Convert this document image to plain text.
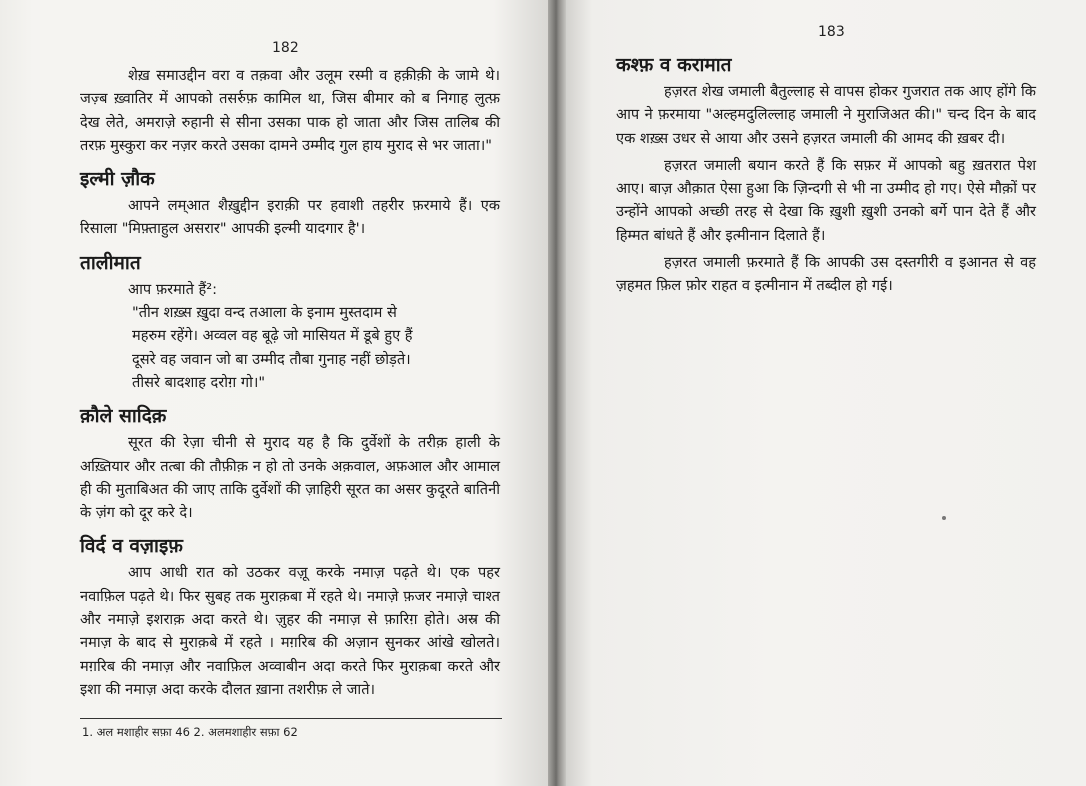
182

शेख़ समाउद्दीन वरा व तक़वा और उलूम रस्मी व हक़ीक़ी के जामे थे। जज़्ब ख़्वातिर में आपको तसर्रुफ़ कामिल था, जिस बीमार को ब निगाह लुत्फ़ देख लेते, अमराज़े रुहानी से सीना उसका पाक हो जाता और जिस तालिब की तरफ़ मुस्कुरा कर नज़र करते उसका दामने उम्मीद गुल हाय मुराद से भर जाता।"

इल्मी ज़ौक

आपने लम्आत शैख़ुद्दीन इराक़ी पर हवाशी तहरीर फ़रमाये हैं। एक रिसाला "मिफ़्ताहुल असरार" आपकी इल्मी यादगार है'।

तालीमात

आप फ़रमाते हैं²:

"तीन शख़्स ख़ुदा वन्द तआला के इनाम मुस्तदाम से
महरुम रहेंगे। अव्वल वह बूढ़े जो मासियत में डूबे हुए हैं
दूसरे वह जवान जो बा उम्मीद तौबा गुनाह नहीं छोड़ते।
तीसरे बादशाह दरोग़ गो।"
क़ौले सादिक़

सूरत की रेज़ा चीनी से मुराद यह है कि दुर्वेशों के तरीक़ हाली के अख़्तियार और तत्बा की तौफ़ीक़ न हो तो उनके अक़वाल, अफ़आल और आमाल ही की मुताबिअत की जाए ताकि दुर्वेशों की ज़ाहिरी सूरत का असर कुदूरते बातिनी के ज़ंग को दूर करे दे।

विर्द व वज़ाइफ़

आप आधी रात को उठकर वज़ू करके नमाज़ पढ़ते थे। एक पहर नवाफ़िल पढ़ते थे। फिर सुबह तक मुराक़बा में रहते थे। नमाज़े फ़जर नमाज़े चाश्त और नमाज़े इशराक़ अदा करते थे। ज़ुहर की नमाज़ से फ़ारिग़ होते। अस्र की नमाज़ के बाद से मुराक़बे में रहते । मग़रिब की अज़ान सुनकर आंखे खोलते। मग़रिब की नमाज़ और नवाफ़िल अव्वाबीन अदा करते फिर मुराक़बा करते और इशा की नमाज़ अदा करके दौलत ख़ाना तशरीफ़ ले जाते।

1. अल मशाहीर सफ़ा 46 2. अलमशाहीर सफ़ा 62
183
कश्फ़ व करामात

हज़रत शेख जमाली बैतुल्लाह से वापस होकर गुजरात तक आए होंगे कि आप ने फ़रमाया "अल्हमदुलिल्लाह जमाली ने मुराजिअत की।" चन्द दिन के बाद एक शख़्स उधर से आया और उसने हज़रत जमाली की आमद की ख़बर दी।

हज़रत जमाली बयान करते हैं कि सफ़र में आपको बहु ख़तरात पेश आए। बाज़ औक़ात ऐसा हुआ कि ज़िन्दगी से भी ना उम्मीद हो गए। ऐसे मौक़ों पर उन्होंने आपको अच्छी तरह से देखा कि ख़ुशी ख़ुशी उनको बर्गे पान देते हैं और हिम्मत बांधते हैं और इत्मीनान दिलाते हैं।

हज़रत जमाली फ़रमाते हैं कि आपकी उस दस्तगीरी व इआनत से वह ज़हमत फ़िल फ़ोर राहत व इत्मीनान में तब्दील हो गई।
